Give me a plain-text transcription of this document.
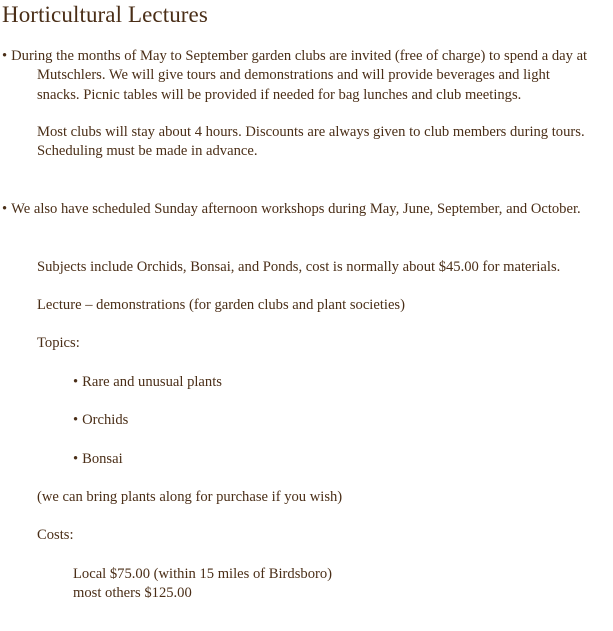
Horticultural Lectures

• During the months of May to September garden clubs are invited (free of charge) to spend a day at Mutschlers. We will give tours and demonstrations and will provide beverages and light snacks. Picnic tables will be provided if needed for bag lunches and club meetings.

Most clubs will stay about 4 hours. Discounts are always given to club members during tours. Scheduling must be made in advance.

• We also have scheduled Sunday afternoon workshops during May, June, September, and October.

Subjects include Orchids, Bonsai, and Ponds, cost is normally about $45.00 for materials.

Lecture – demonstrations (for garden clubs and plant societies)

Topics:

• Rare and unusual plants

• Orchids

• Bonsai

(we can bring plants along for purchase if you wish)

Costs:

Local $75.00 (within 15 miles of Birdsboro)

most others $125.00
